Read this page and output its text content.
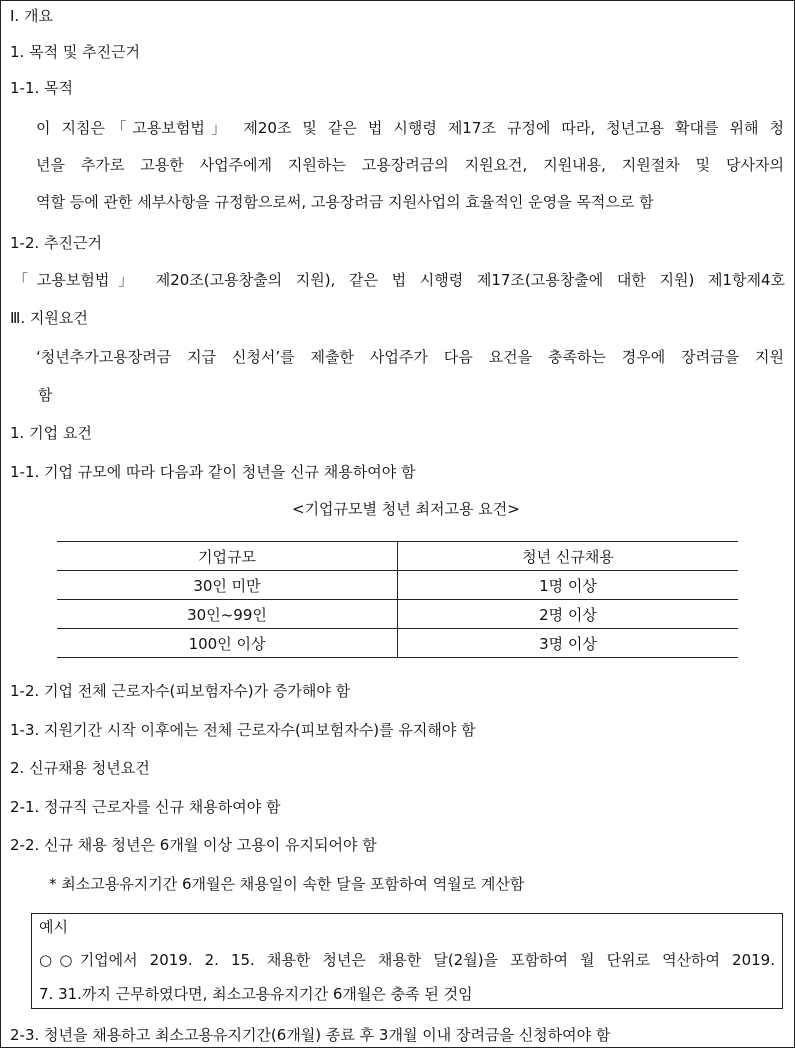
Ⅰ. 개요
1. 목적 및 추진근거
1-1. 목적
이 지침은「고용보험법」 제20조 및 같은 법 시행령 제17조 규정에 따라, 청년고용 확대를 위해 청
년을 추가로 고용한 사업주에게 지원하는 고용장려금의 지원요건, 지원내용, 지원절차 및 당사자의
역할 등에 관한 세부사항을 규정함으로써, 고용장려금 지원사업의 효율적인 운영을 목적으로 함
1-2. 추진근거
「고용보험법」 제20조(고용창출의 지원), 같은 법 시행령 제17조(고용창출에 대한 지원) 제1항제4호
Ⅲ. 지원요건
‘청년추가고용장려금 지급 신청서’를 제출한 사업주가 다음 요건을 충족하는 경우에 장려금을 지원
함
1. 기업 요건
1-1. 기업 규모에 따라 다음과 같이 청년을 신규 채용하여야 함
<기업규모별 청년 최저고용 요건>
기업규모	청년 신규채용
30인 미만	1명 이상
30인~99인	2명 이상
100인 이상	3명 이상
1-2. 기업 전체 근로자수(피보험자수)가 증가해야 함
1-3. 지원기간 시작 이후에는 전체 근로자수(피보험자수)를 유지해야 함
2. 신규채용 청년요건
2-1. 정규직 근로자를 신규 채용하여야 함
2-2. 신규 채용 청년은 6개월 이상 고용이 유지되어야 함
* 최소고용유지기간 6개월은 채용일이 속한 달을 포함하여 역월로 계산함
예시
○○기업에서 2019. 2. 15. 채용한 청년은 채용한 달(2월)을 포함하여 월 단위로 역산하여 2019.
7. 31.까지 근무하였다면, 최소고용유지기간 6개월은 충족 된 것임
2-3. 청년을 채용하고 최소고용유지기간(6개월) 종료 후 3개월 이내 장려금을 신청하여야 함
